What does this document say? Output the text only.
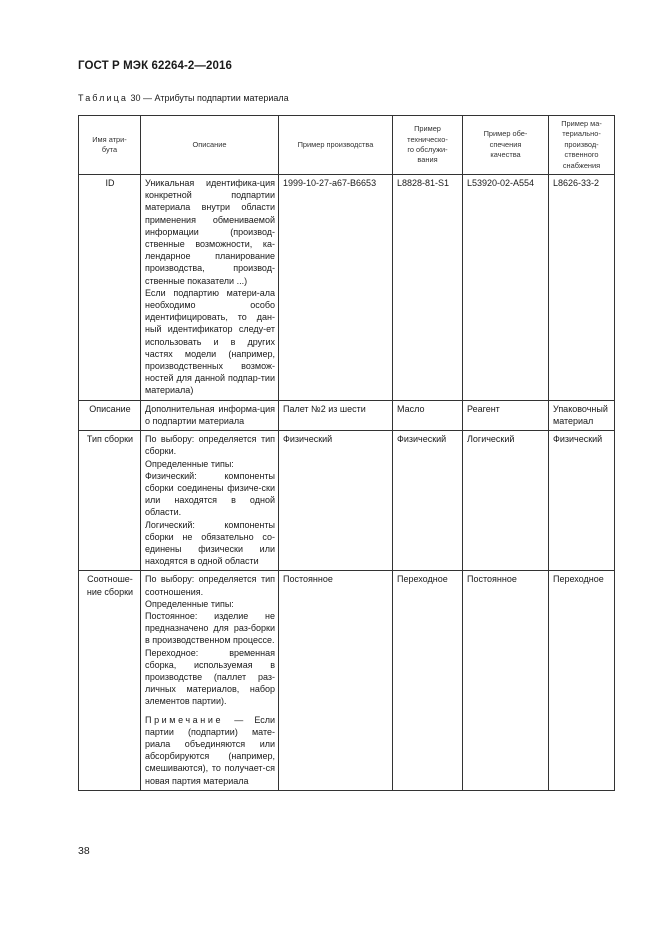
ГОСТ Р МЭК 62264-2—2016
Таблица 30 — Атрибуты подпартии материала
Имя атри-
бута	Описание	Пример производства	Пример
техническо-
го обслужи-
вания	Пример обе-
спечения
качества	Пример ма-
териально-
производ-
ственного
снабжения
ID	Уникальная идентифика-ция конкретной подпартии материала внутри области применения обмениваемой информации (производ-ственные возможности, ка-лендарное планирование производства, производ-ственные показатели ...)
Если подпартию матери-ала необходимо особо идентифицировать, то дан-ный идентификатор следу-ет использовать и в других частях модели (например, производственных возмож-ностей для данной подпар-тии материала)	1999-10-27-a67-B6653	L8828-81-S1	L53920-02-A554	L8626-33-2
Описание	Дополнительная информа-ция о подпартии материала	Палет №2 из шести	Масло	Реагент	Упаковочный материал
Тип сборки	По выбору: определяется тип сборки.
Определенные типы:
Физический: компоненты сборки соединены физиче-ски или находятся в одной области.
Логический: компоненты сборки не обязательно со-единены физически или находятся в одной области	Физический	Физический	Логический	Физический
Соотноше-ние сборки	По выбору: определяется тип соотношения.
Определенные типы:
Постоянное: изделие не предназначено для раз-борки в производственном процессе.
Переходное: временная сборка, используемая в производстве (паллет раз-личных материалов, набор элементов партии).
Примечание — Если партии (подпартии) мате-риала объединяются или абсорбируются (например, смешиваются), то получает-ся новая партия материала	Постоянное	Переходное	Постоянное	Переходное
38
